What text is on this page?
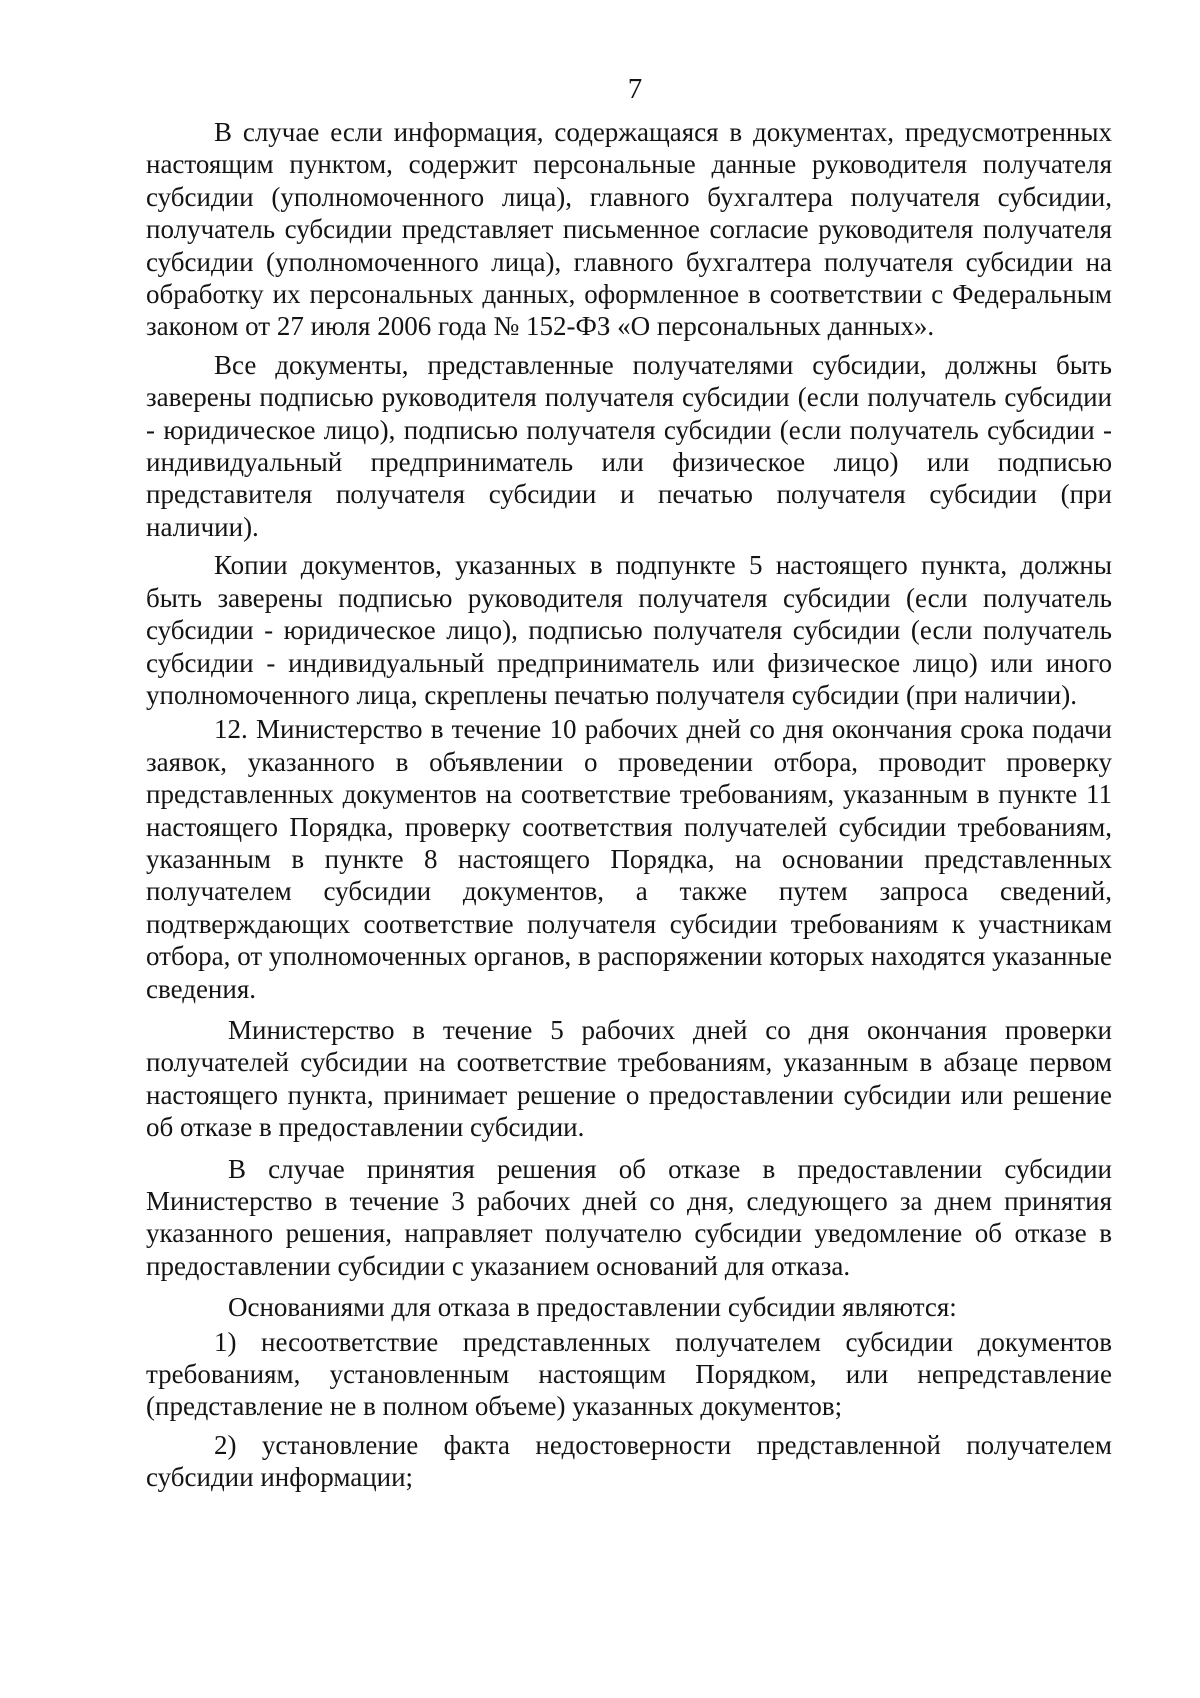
7

В случае если информация, содержащаяся в документах, предусмотренных настоящим пунктом, содержит персональные данные руководителя получателя субсидии (уполномоченного лица), главного бухгалтера получателя субсидии, получатель субсидии представляет письменное согласие руководителя получателя субсидии (уполномоченного лица), главного бухгалтера получателя субсидии на обработку их персональных данных, оформленное в соответствии с Федеральным законом от 27 июля 2006 года № 152-ФЗ «О персональных данных».

Все документы, представленные получателями субсидии, должны быть заверены подписью руководителя получателя субсидии (если получатель субсидии - юридическое лицо), подписью получателя субсидии (если получатель субсидии - индивидуальный предприниматель или физическое лицо) или подписью представителя получателя субсидии и печатью получателя субсидии (при наличии).

Копии документов, указанных в подпункте 5 настоящего пункта, должны быть заверены подписью руководителя получателя субсидии (если получатель субсидии - юридическое лицо), подписью получателя субсидии (если получатель субсидии - индивидуальный предприниматель или физическое лицо) или иного уполномоченного лица, скреплены печатью получателя субсидии (при наличии).

12. Министерство в течение 10 рабочих дней со дня окончания срока подачи заявок, указанного в объявлении о проведении отбора, проводит проверку представленных документов на соответствие требованиям, указанным в пункте 11 настоящего Порядка, проверку соответствия получателей субсидии требованиям, указанным в пункте 8 настоящего Порядка, на основании представленных получателем субсидии документов, а также путем запроса сведений, подтверждающих соответствие получателя субсидии требованиям к участникам отбора, от уполномоченных органов, в распоряжении которых находятся указанные сведения.

Министерство в течение 5 рабочих дней со дня окончания проверки получателей субсидии на соответствие требованиям, указанным в абзаце первом настоящего пункта, принимает решение о предоставлении субсидии или решение об отказе в предоставлении субсидии.

В случае принятия решения об отказе в предоставлении субсидии Министерство в течение 3 рабочих дней со дня, следующего за днем принятия указанного решения, направляет получателю субсидии уведомление об отказе в предоставлении субсидии с указанием оснований для отказа.

Основаниями для отказа в предоставлении субсидии являются:

1) несоответствие представленных получателем субсидии документов требованиям, установленным настоящим Порядком, или непредставление (представление не в полном объеме) указанных документов;

2) установление факта недостоверности представленной получателем субсидии информации;
